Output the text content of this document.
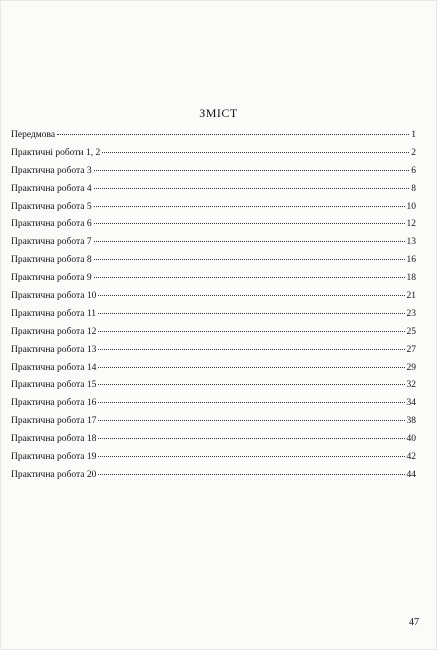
ЗМІСТ
Передмова	1
Практичні роботи 1, 2	2
Практична робота 3	6
Практична робота 4	8
Практична робота 5	10
Практична робота 6	12
Практична робота 7	13
Практична робота 8	16
Практична робота 9	18
Практична робота 10	21
Практична робота 11	23
Практична робота 12	25
Практична робота 13	27
Практична робота 14	29
Практична робота 15	32
Практична робота 16	34
Практична робота 17	38
Практична робота 18	40
Практична робота 19	42
Практична робота 20	44
47
